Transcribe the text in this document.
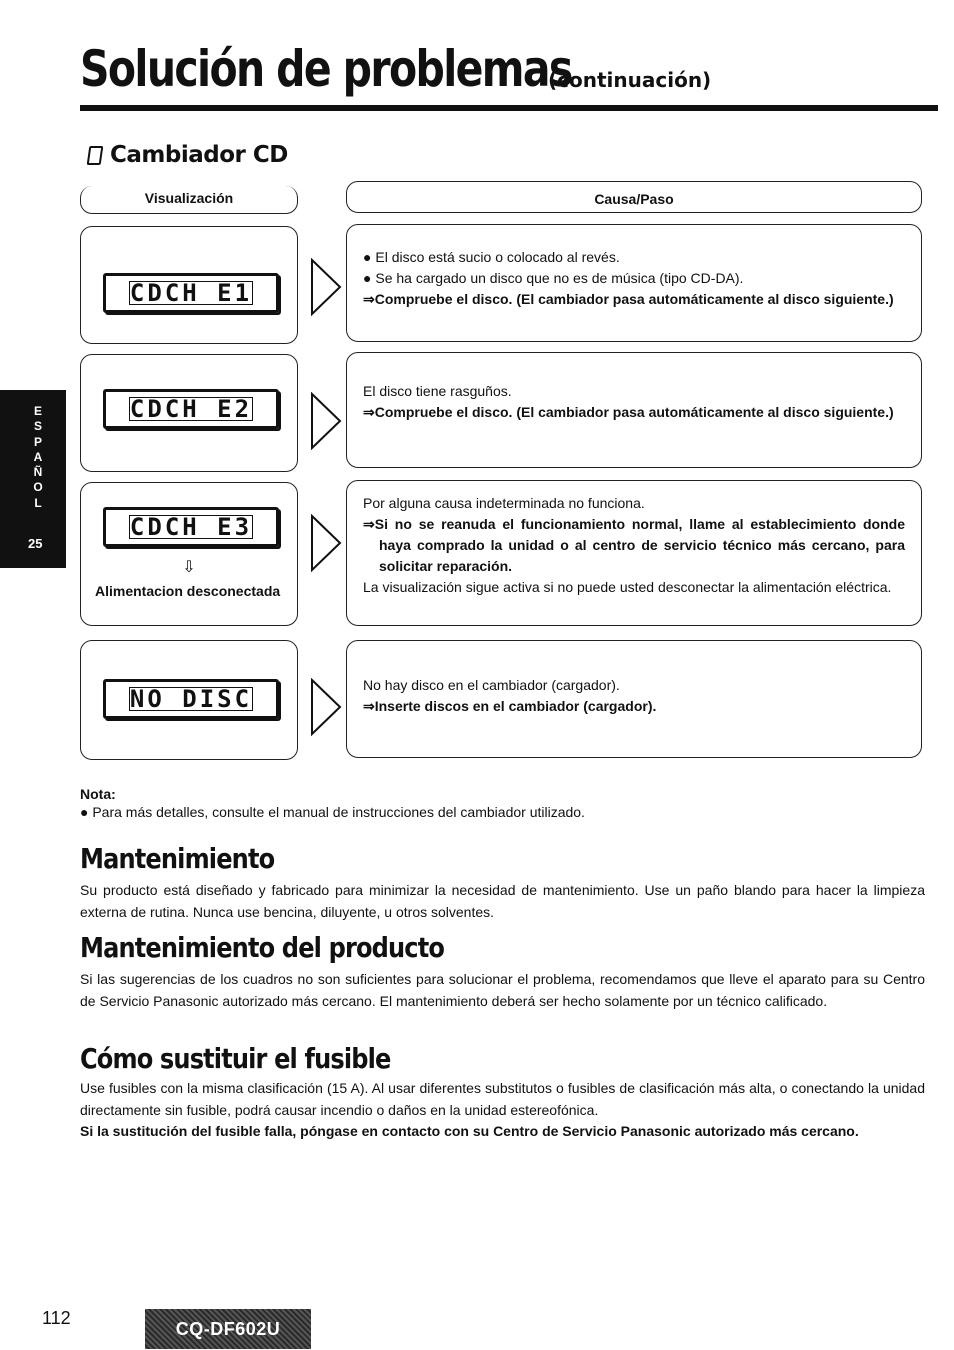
Solución de problemas
(continuación)
Cambiador CD
Visualización	Causa/Paso
CDCH E1

● El disco está sucio o colocado al revés.

● Se ha cargado un disco que no es de música (tipo CD-DA).

⇒Compruebe el disco. (El cambiador pasa automáticamente al disco siguiente.)

CDCH E2

El disco tiene rasguños.

⇒Compruebe el disco. (El cambiador pasa automáticamente al disco siguiente.)

CDCH E3
⇩
Alimentacion desconectada

Por alguna causa indeterminada no funciona.

⇒Si no se reanuda el funcionamiento normal, llame al establecimiento donde haya comprado la unidad o al centro de servicio técnico más cercano, para solicitar reparación.

La visualización sigue activa si no puede usted desconectar la alimentación eléctrica.

NO DISC	No hay disco en el cambiador (cargador).

⇒Inserte discos en el cambiador (cargador).

Nota:
● Para más detalles, consulte el manual de instrucciones del cambiador utilizado.
Mantenimiento
Su producto está diseñado y fabricado para minimizar la necesidad de mantenimiento. Use un paño blando para hacer la limpieza externa de rutina. Nunca use bencina, diluyente, u otros solventes.
Mantenimiento del producto
Si las sugerencias de los cuadros no son suficientes para solucionar el problema, recomendamos que lleve el aparato para su Centro de Servicio Panasonic autorizado más cercano. El mantenimiento deberá ser hecho solamente por un técnico calificado.
Cómo sustituir el fusible
Use fusibles con la misma clasificación (15 A). Al usar diferentes substitutos o fusibles de clasificación más alta, o conectando la unidad directamente sin fusible, podrá causar incendio o daños en la unidad estereofónica.
Si la sustitución del fusible falla, póngase en contacto con su Centro de Servicio Panasonic autorizado más cercano.
E
S
P
A
Ñ
O
L
25
112
CQ-DF602U
